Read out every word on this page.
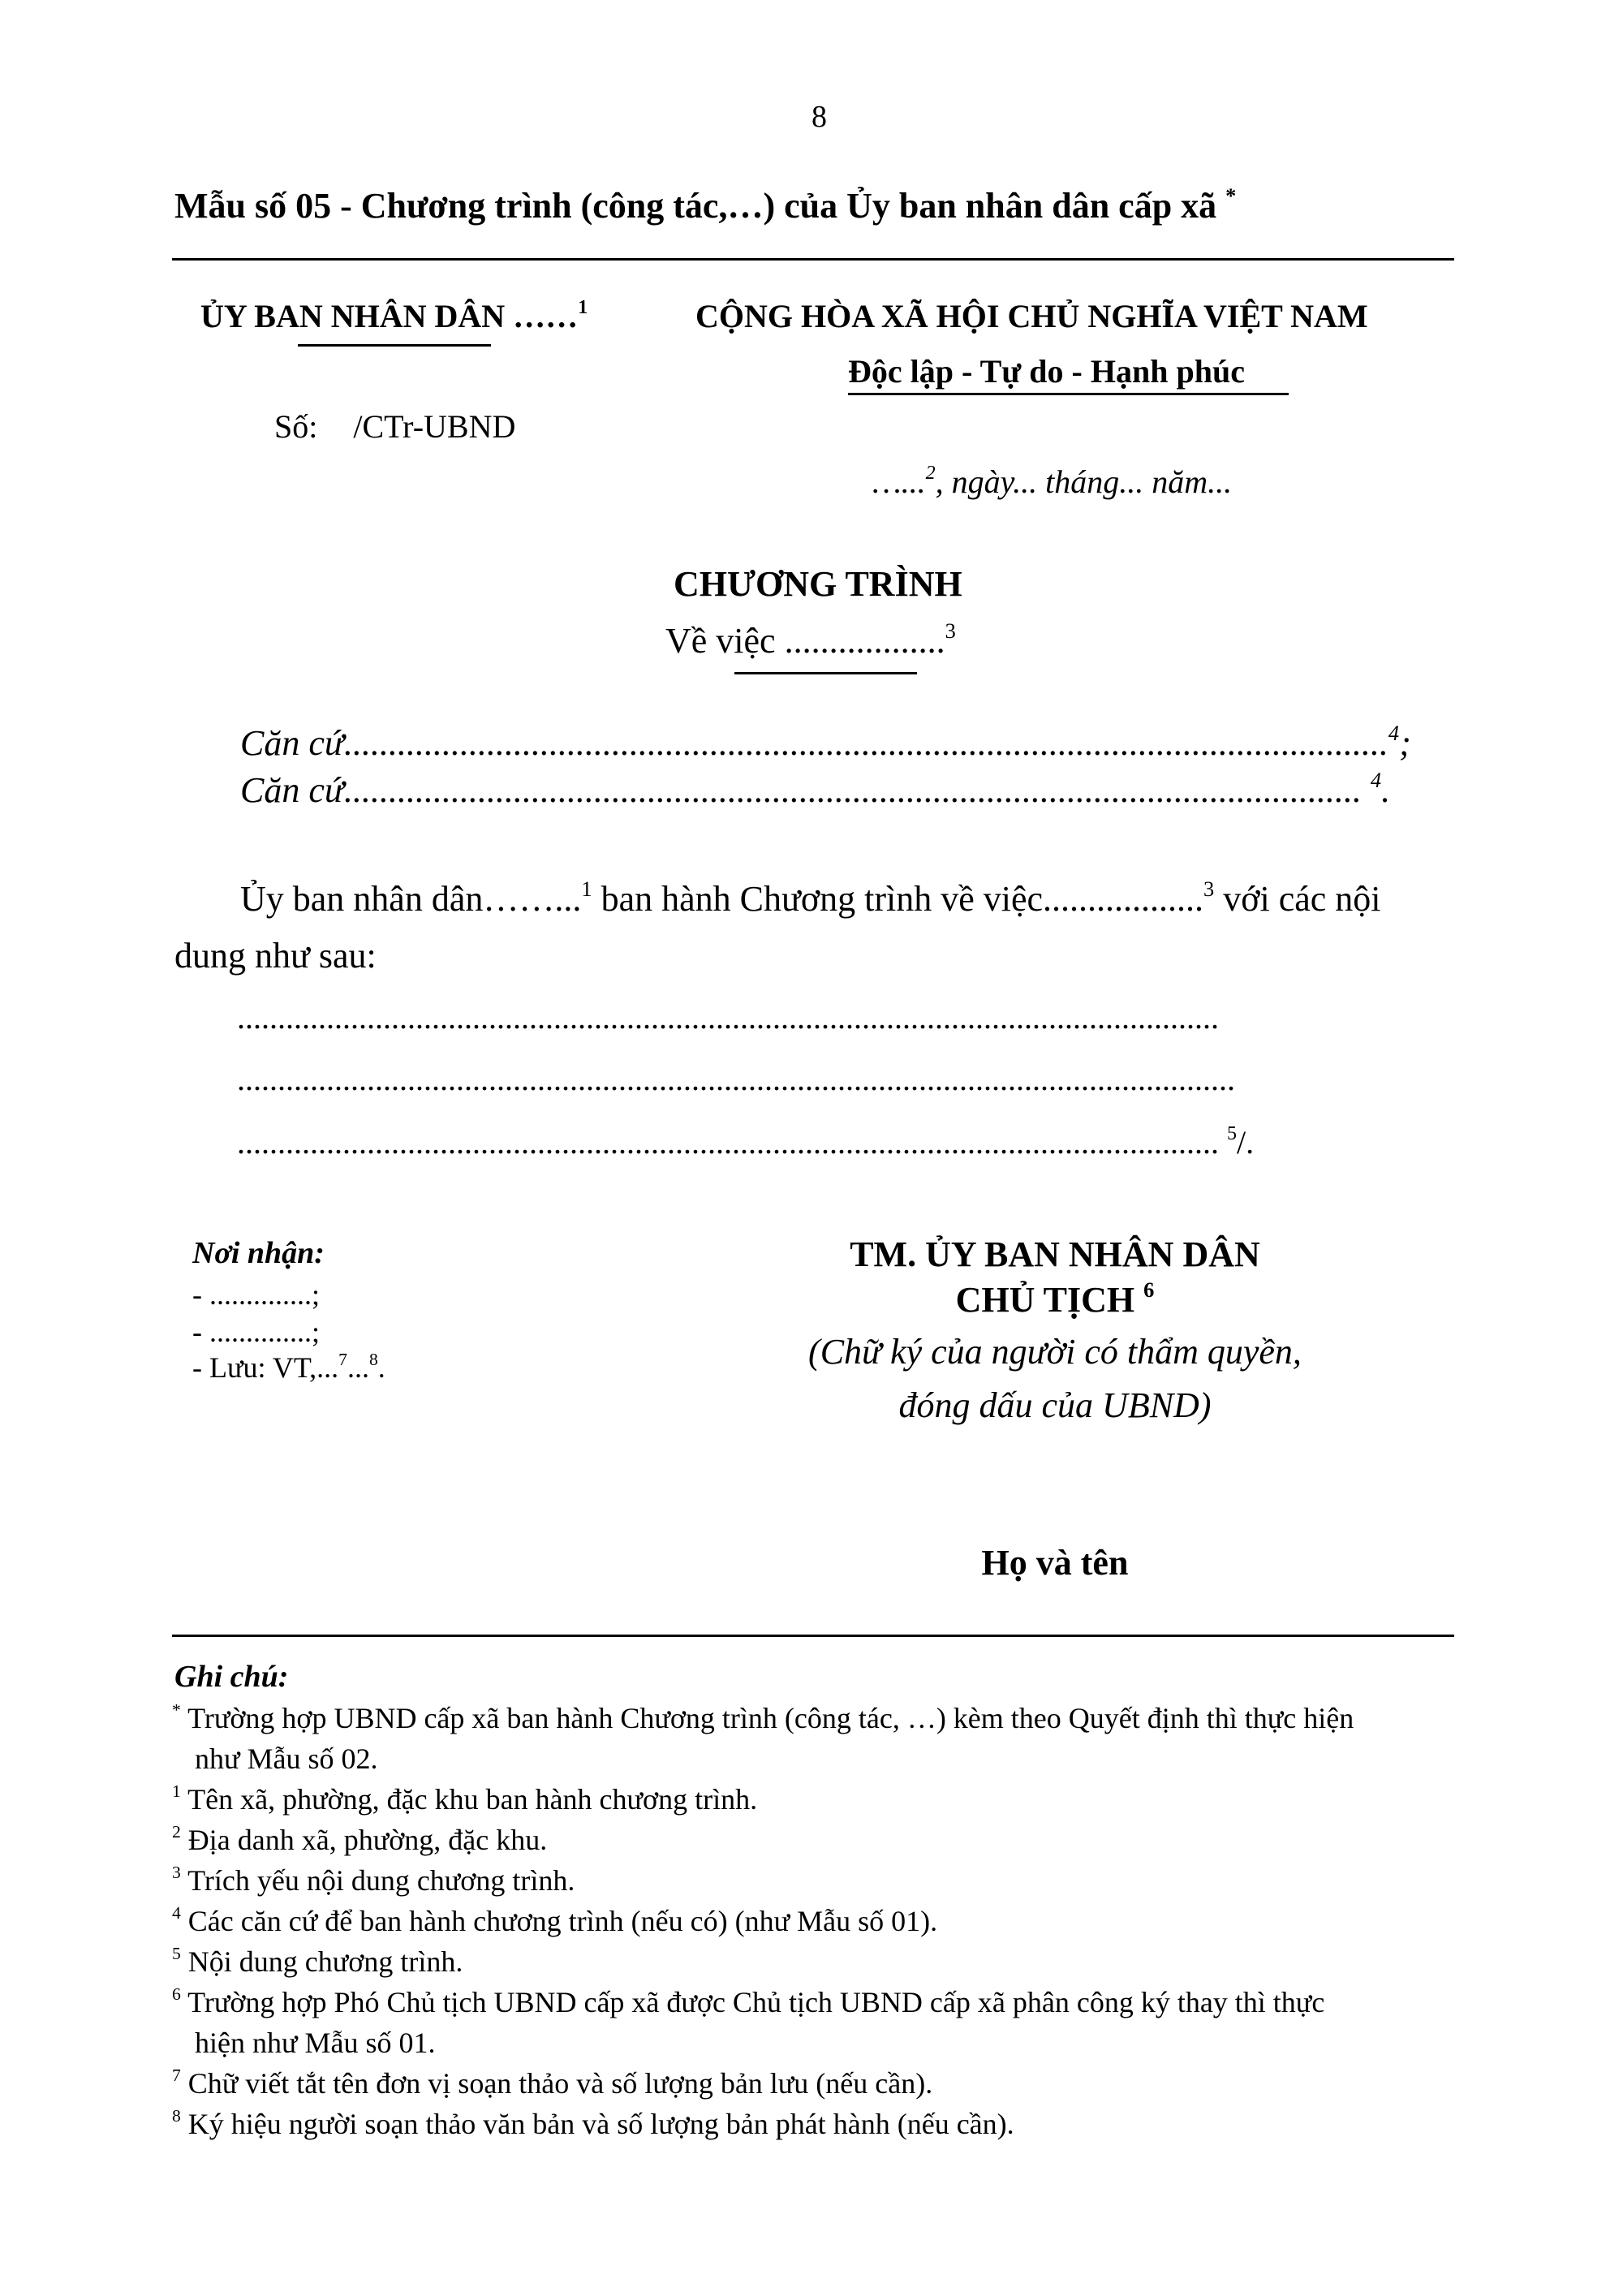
8
Mẫu số 05 - Chương trình (công tác,…) của Ủy ban nhân dân cấp xã *
ỦY BAN NHÂN DÂN ……$^1$
Số: /CTr-UBND
CỘNG HÒA XÃ HỘI CHỦ NGHĨA VIỆT NAM
Độc lập - Tự do - Hạnh phúc
…...$^2$, ngày... tháng... năm...
CHƯƠNG TRÌNH
Về việc ..................$^3$
Căn cứ.....................................................................................................................$^4$;
Căn cứ.................................................................................................................. $^4$.
Ủy ban nhân dân……...$^1$ ban hành Chương trình về việc..................$^3$ với các nội
dung như sau:
.........................................................................................................................
...........................................................................................................................
......................................................................................................................... $^5$/.
Nơi nhận:
- ..............;
- ..............;
- Lưu: VT,...$^7$...$^8$.
TM. ỦY BAN NHÂN DÂN
CHỦ TỊCH $^6$
(Chữ ký của người có thẩm quyền,
đóng dấu của UBND)
Họ và tên
Ghi chú:
* Trường hợp UBND cấp xã ban hành Chương trình (công tác, …) kèm theo Quyết định thì thực hiện
như Mẫu số 02.
$^1$ Tên xã, phường, đặc khu ban hành chương trình.
$^2$ Địa danh xã, phường, đặc khu.
$^3$ Trích yếu nội dung chương trình.
$^4$ Các căn cứ để ban hành chương trình (nếu có) (như Mẫu số 01).
$^5$ Nội dung chương trình.
$^6$ Trường hợp Phó Chủ tịch UBND cấp xã được Chủ tịch UBND cấp xã phân công ký thay thì thực
hiện như Mẫu số 01.
$^7$ Chữ viết tắt tên đơn vị soạn thảo và số lượng bản lưu (nếu cần).
$^8$ Ký hiệu người soạn thảo văn bản và số lượng bản phát hành (nếu cần).
